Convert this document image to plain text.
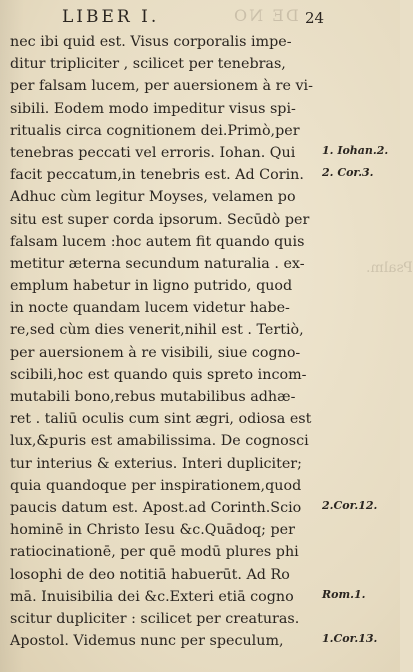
DE NO
Psalm.
LIBER I.	24
nec ibi quid est. Visus corporalis impe-
ditur tripliciter , scilicet per tenebras,
per falsam lucem, per auersionem à re vi-
sibili. Eodem modo impeditur visus spi-
ritualis circa cognitionem dei.Primò,per
tenebras peccati vel erroris. Iohan. Qui
facit peccatum,in tenebris est. Ad Corin.
Adhuc cùm legitur Moyses, velamen po
situ est super corda ipsorum. Secūdò per
falsam lucem :hoc autem fit quando quis
metitur æterna secundum naturalia . ex-
emplum habetur in ligno putrido, quod
in nocte quandam lucem videtur habe-
re,sed cùm dies venerit,nihil est . Tertiò,
per auersionem à re visibili, siue cogno-
scibili,hoc est quando quis spreto incom-
mutabili bono,rebus mutabilibus adhæ-
ret . taliū oculis cum sint ægri, odiosa est
lux,&puris est amabilissima. De cognosci
tur interius & exterius. Interi dupliciter;
quia quandoque per inspirationem,quod
paucis datum est. Apost.ad Corinth.Scio
hominē in Christo Iesu &c.Quādoq; per
ratiocinationē, per quē modū plures phi
losophi de deo notitiā habuerūt. Ad Ro
mā. Inuisibilia dei &c.Exteri etiā cogno
scitur dupliciter : scilicet per creaturas.
Apostol. Videmus nunc per speculum,
1. Iohan.2.
2. Cor.3.
2.Cor.12.
Rom.1.
1.Cor.13.
